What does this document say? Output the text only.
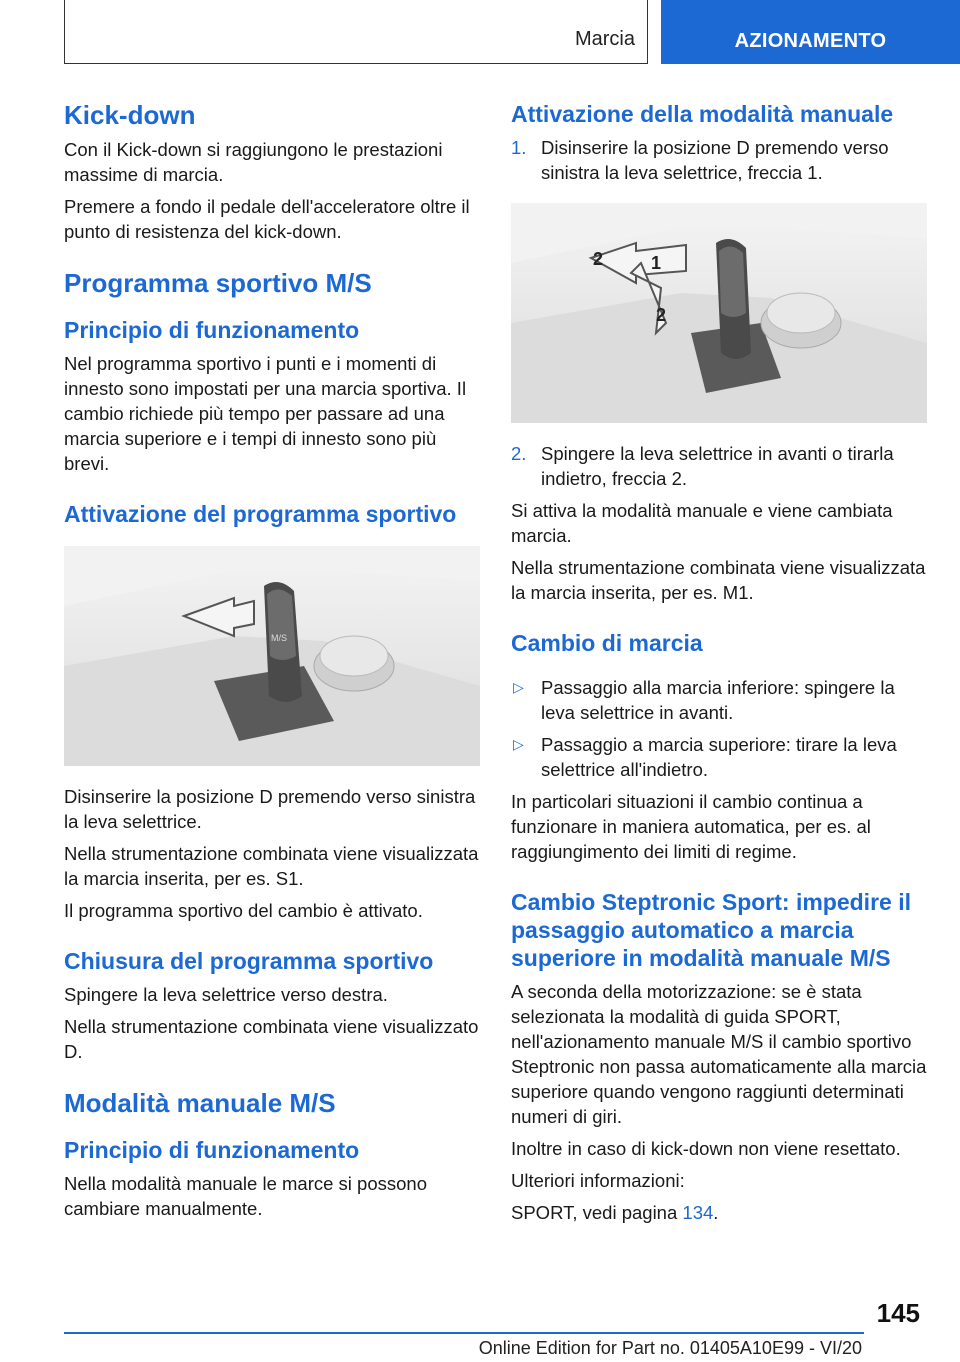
Marcia	AZIONAMENTO
Kick-down

Con il Kick-down si raggiungono le prestazioni massime di marcia.

Premere a fondo il pedale dell'acceleratore oltre il punto di resistenza del kick-down.

Programma sportivo M/S
Principio di funzionamento

Nel programma sportivo i punti e i momenti di innesto sono impostati per una marcia sportiva. Il cambio richiede più tempo per passare ad una marcia superiore e i tempi di innesto sono più brevi.

Attivazione del programma sportivo
M/S

Disinserire la posizione D premendo verso sinistra la leva selettrice.

Nella strumentazione combinata viene visualizzata la marcia inserita, per es. S1.

Il programma sportivo del cambio è attivato.

Chiusura del programma sportivo

Spingere la leva selettrice verso destra.

Nella strumentazione combinata viene visualizzato D.

Modalità manuale M/S
Principio di funzionamento

Nella modalità manuale le marce si possono cambiare manualmente.

Attivazione della modalità manuale
1. Disinserire la posizione D premendo verso sinistra la leva selettrice, freccia 1.

1
2
2
2. Spingere la leva selettrice in avanti o tirarla indietro, freccia 2.

Si attiva la modalità manuale e viene cambiata marcia.

Nella strumentazione combinata viene visualizzata la marcia inserita, per es. M1.

Cambio di marcia
▷ Passaggio alla marcia inferiore: spingere la leva selettrice in avanti.

▷ Passaggio a marcia superiore: tirare la leva selettrice all'indietro.

In particolari situazioni il cambio continua a funzionare in maniera automatica, per es. al raggiungimento dei limiti di regime.

Cambio Steptronic Sport: impedire il passaggio automatico a marcia superiore in modalità manuale M/S

A seconda della motorizzazione: se è stata selezionata la modalità di guida SPORT, nell'azionamento manuale M/S il cambio sportivo Steptronic non passa automaticamente alla marcia superiore quando vengono raggiunti determinati numeri di giri.

Inoltre in caso di kick-down non viene resettato.

Ulteriori informazioni:

SPORT, vedi pagina 134.

145
Online Edition for Part no. 01405A10E99 - VI/20
